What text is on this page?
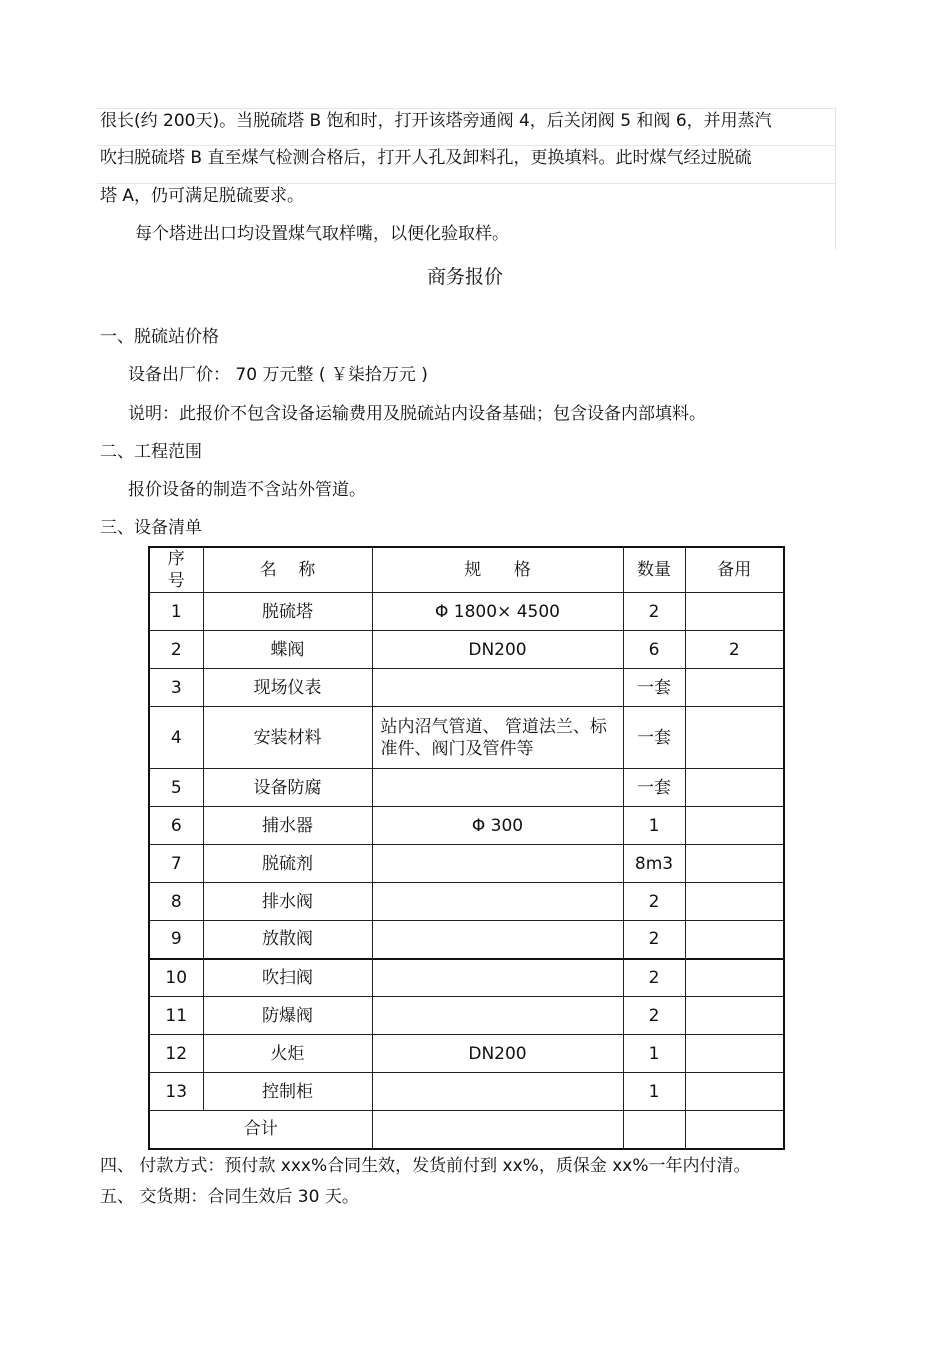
很长(约 200天)。当脱硫塔 B 饱和时，打开该塔旁通阀 4，后关闭阀 5 和阀 6，并用蒸汽
吹扫脱硫塔 B 直至煤气检测合格后，打开人孔及卸料孔，更换填料。此时煤气经过脱硫
塔 A，仍可满足脱硫要求。
每个塔进出口均设置煤气取样嘴，以便化验取样。
商务报价
一、脱硫站价格
设备出厂价： 70 万元整 ( ￥柒拾万元 )
说明：此报价不包含设备运输费用及脱硫站内设备基础；包含设备内部填料。
二、工程范围
报价设备的制造不含站外管道。
三、设备清单
序号	名    称	规      格	数量	备用
1	脱硫塔	Φ 1800× 4500	2	
2	蝶阀	DN200	6	2
3	现场仪表		一套	
4	安装材料	站内沼气管道、 管道法兰、标准件、阀门及管件等	一套	
5	设备防腐		一套	
6	捕水器	Φ 300	1	
7	脱硫剂		8m3	
8	排水阀		2	
9	放散阀		2	
10	吹扫阀		2	
11	防爆阀		2	
12	火炬	DN200	1	
13	控制柜		1	
合计				
四、 付款方式：预付款 xxx%合同生效，发货前付到 xx%，质保金 xx%一年内付清。
五、 交货期：合同生效后 30 天。
